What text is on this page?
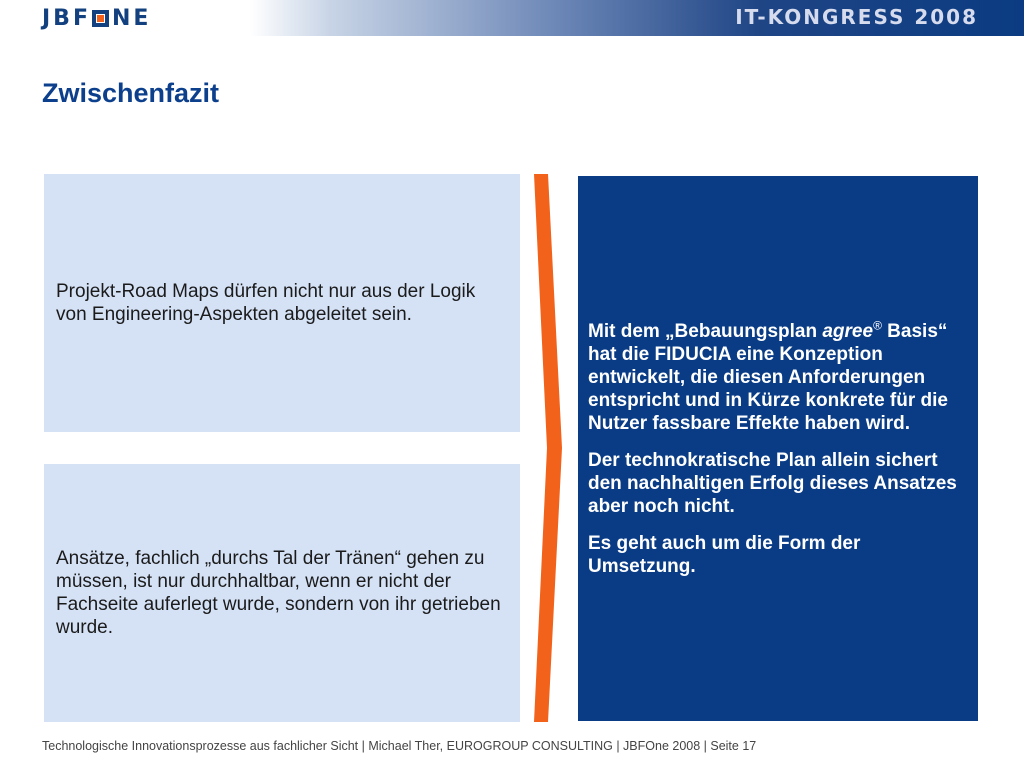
JBF NE	IT-KONGRESS 2008
Zwischenfazit
Projekt-Road Maps dürfen nicht nur aus der Logik von Engineering-Aspekten abgeleitet sein.
Ansätze, fachlich „durchs Tal der Tränen“ gehen zu müssen, ist nur durchhaltbar, wenn er nicht der Fachseite auferlegt wurde, sondern von ihr getrieben wurde.

Mit dem „Bebauungsplan agree® Basis“ hat die FIDUCIA eine Konzeption entwickelt, die diesen Anforderungen entspricht und in Kürze konkrete für die Nutzer fassbare Effekte haben wird.

Der technokratische Plan allein sichert den nachhaltigen Erfolg dieses Ansatzes aber noch nicht.

Es geht auch um die Form der Umsetzung.

Technologische Innovationsprozesse aus fachlicher Sicht | Michael Ther, EUROGROUP CONSULTING | JBFOne 2008 | Seite 17
